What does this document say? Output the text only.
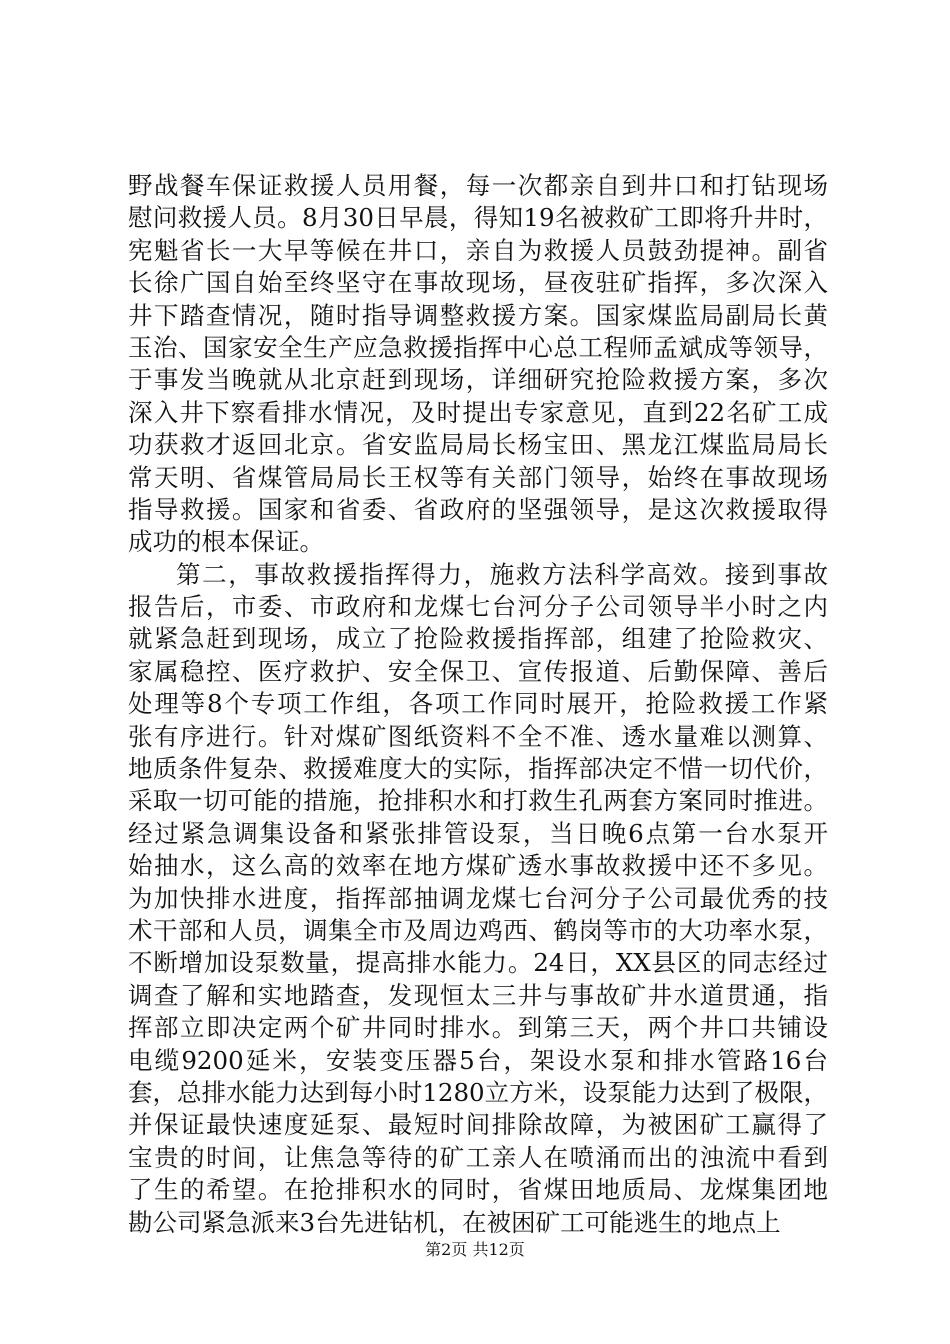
野战餐车保证救援人员用餐，每一次都亲自到井口和打钻现场
慰问救援人员。8月30日早晨，得知19名被救矿工即将升井时，
宪魁省长一大早等候在井口，亲自为救援人员鼓劲提神。副省
长徐广国自始至终坚守在事故现场，昼夜驻矿指挥，多次深入
井下踏查情况，随时指导调整救援方案。国家煤监局副局长黄
玉治、国家安全生产应急救援指挥中心总工程师孟斌成等领导，
于事发当晚就从北京赶到现场，详细研究抢险救援方案，多次
深入井下察看排水情况，及时提出专家意见，直到22名矿工成
功获救才返回北京。省安监局局长杨宝田、黑龙江煤监局局长
常天明、省煤管局局长王权等有关部门领导，始终在事故现场
指导救援。国家和省委、省政府的坚强领导，是这次救援取得
成功的根本保证。
第二，事故救援指挥得力，施救方法科学高效。接到事故
报告后，市委、市政府和龙煤七台河分子公司领导半小时之内
就紧急赶到现场，成立了抢险救援指挥部，组建了抢险救灾、
家属稳控、医疗救护、安全保卫、宣传报道、后勤保障、善后
处理等8个专项工作组，各项工作同时展开，抢险救援工作紧
张有序进行。针对煤矿图纸资料不全不准、透水量难以测算、
地质条件复杂、救援难度大的实际，指挥部决定不惜一切代价，
采取一切可能的措施，抢排积水和打救生孔两套方案同时推进。
经过紧急调集设备和紧张排管设泵，当日晚6点第一台水泵开
始抽水，这么高的效率在地方煤矿透水事故救援中还不多见。
为加快排水进度，指挥部抽调龙煤七台河分子公司最优秀的技
术干部和人员，调集全市及周边鸡西、鹤岗等市的大功率水泵，
不断增加设泵数量，提高排水能力。24日，XX县区的同志经过
调查了解和实地踏查，发现恒太三井与事故矿井水道贯通，指
挥部立即决定两个矿井同时排水。到第三天，两个井口共铺设
电缆9200延米，安装变压器5台，架设水泵和排水管路16台
套，总排水能力达到每小时1280立方米，设泵能力达到了极限，
并保证最快速度延泵、最短时间排除故障，为被困矿工赢得了
宝贵的时间，让焦急等待的矿工亲人在喷涌而出的浊流中看到
了生的希望。在抢排积水的同时，省煤田地质局、龙煤集团地
勘公司紧急派来3台先进钻机，在被困矿工可能逃生的地点上
第2页 共12页
